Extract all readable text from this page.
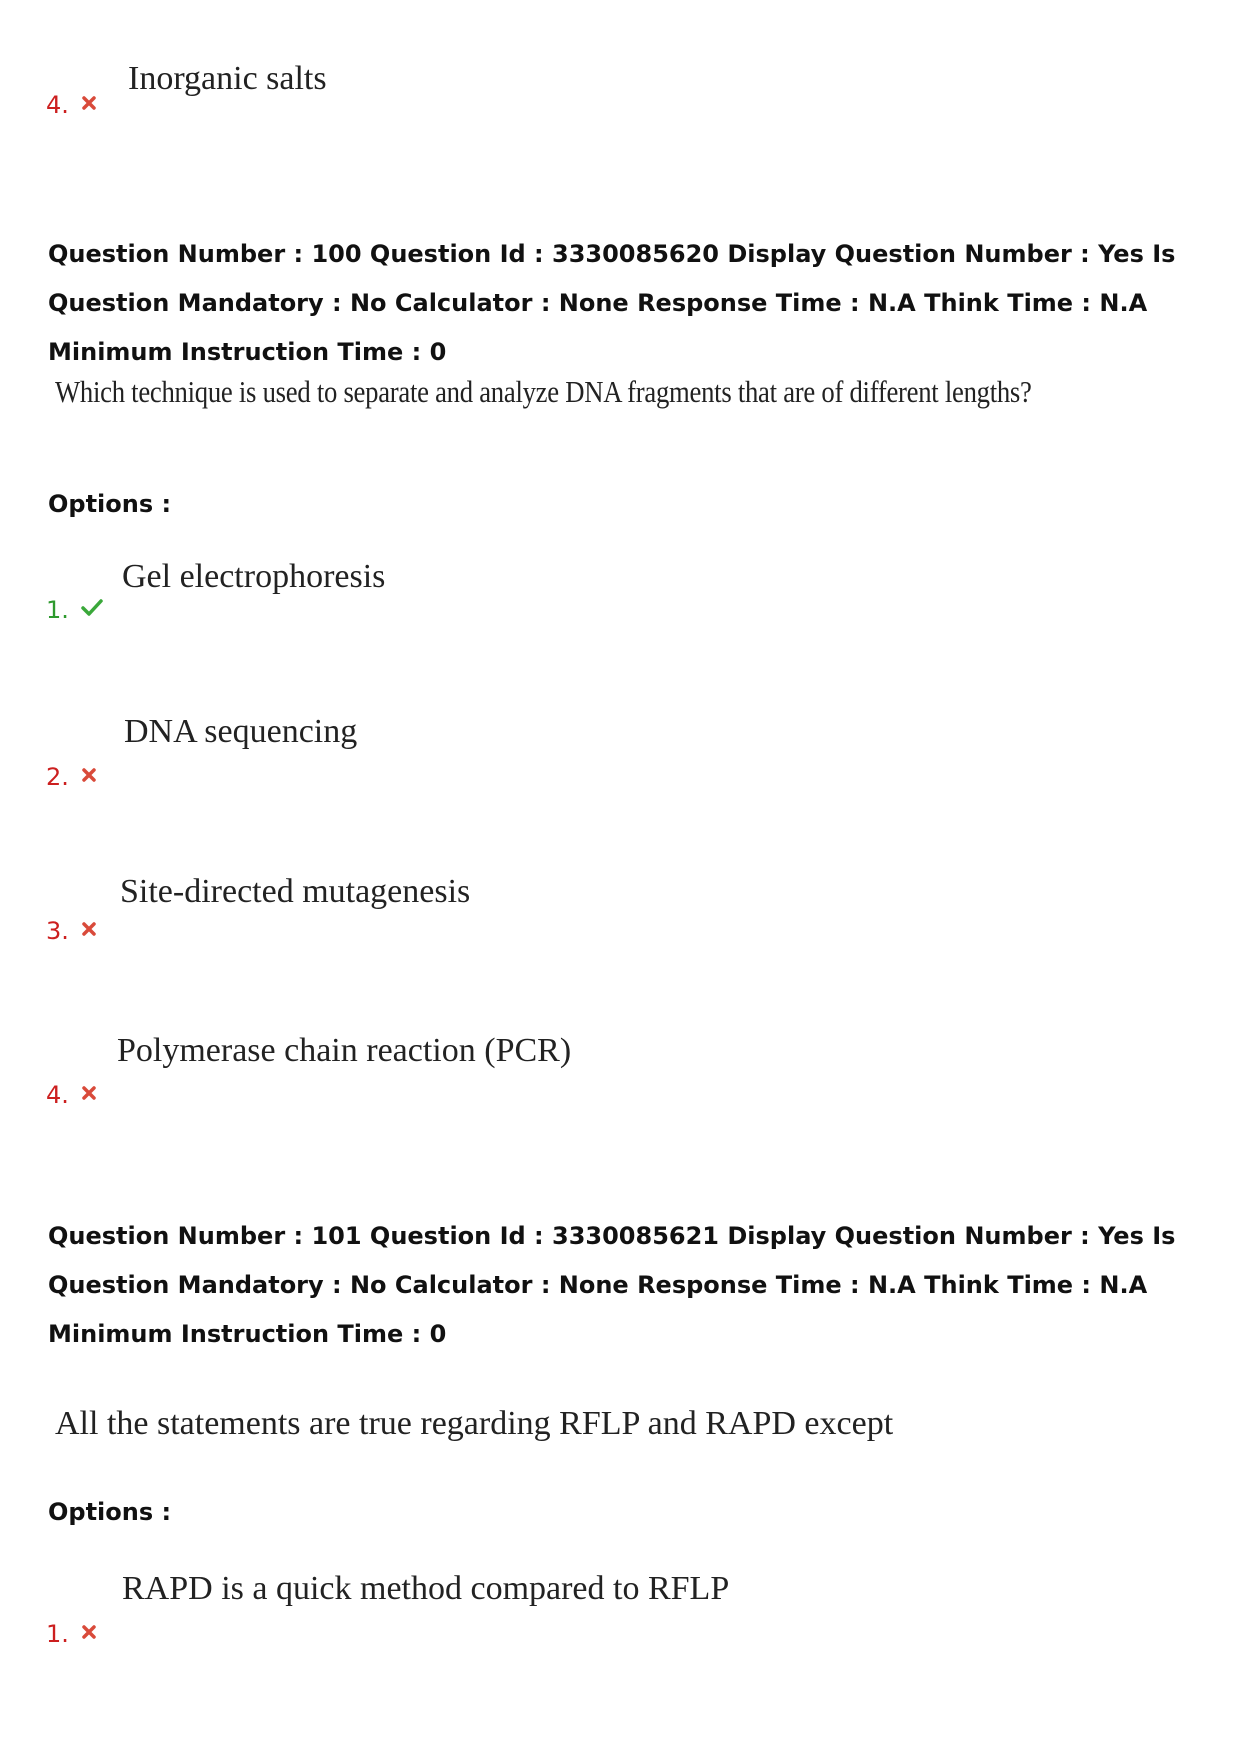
Inorganic salts
4.
Question Number : 100 Question Id : 3330085620 Display Question Number : Yes Is Question Mandatory : No Calculator : None Response Time : N.A Think Time : N.A Minimum Instruction Time : 0
Which technique is used to separate and analyze DNA fragments that are of different lengths?
Options :
Gel electrophoresis
1.
DNA sequencing
2.
Site-directed mutagenesis
3.
Polymerase chain reaction (PCR)
4.
Question Number : 101 Question Id : 3330085621 Display Question Number : Yes Is Question Mandatory : No Calculator : None Response Time : N.A Think Time : N.A Minimum Instruction Time : 0
All the statements are true regarding RFLP and RAPD except
Options :
RAPD is a quick method compared to RFLP
1.
